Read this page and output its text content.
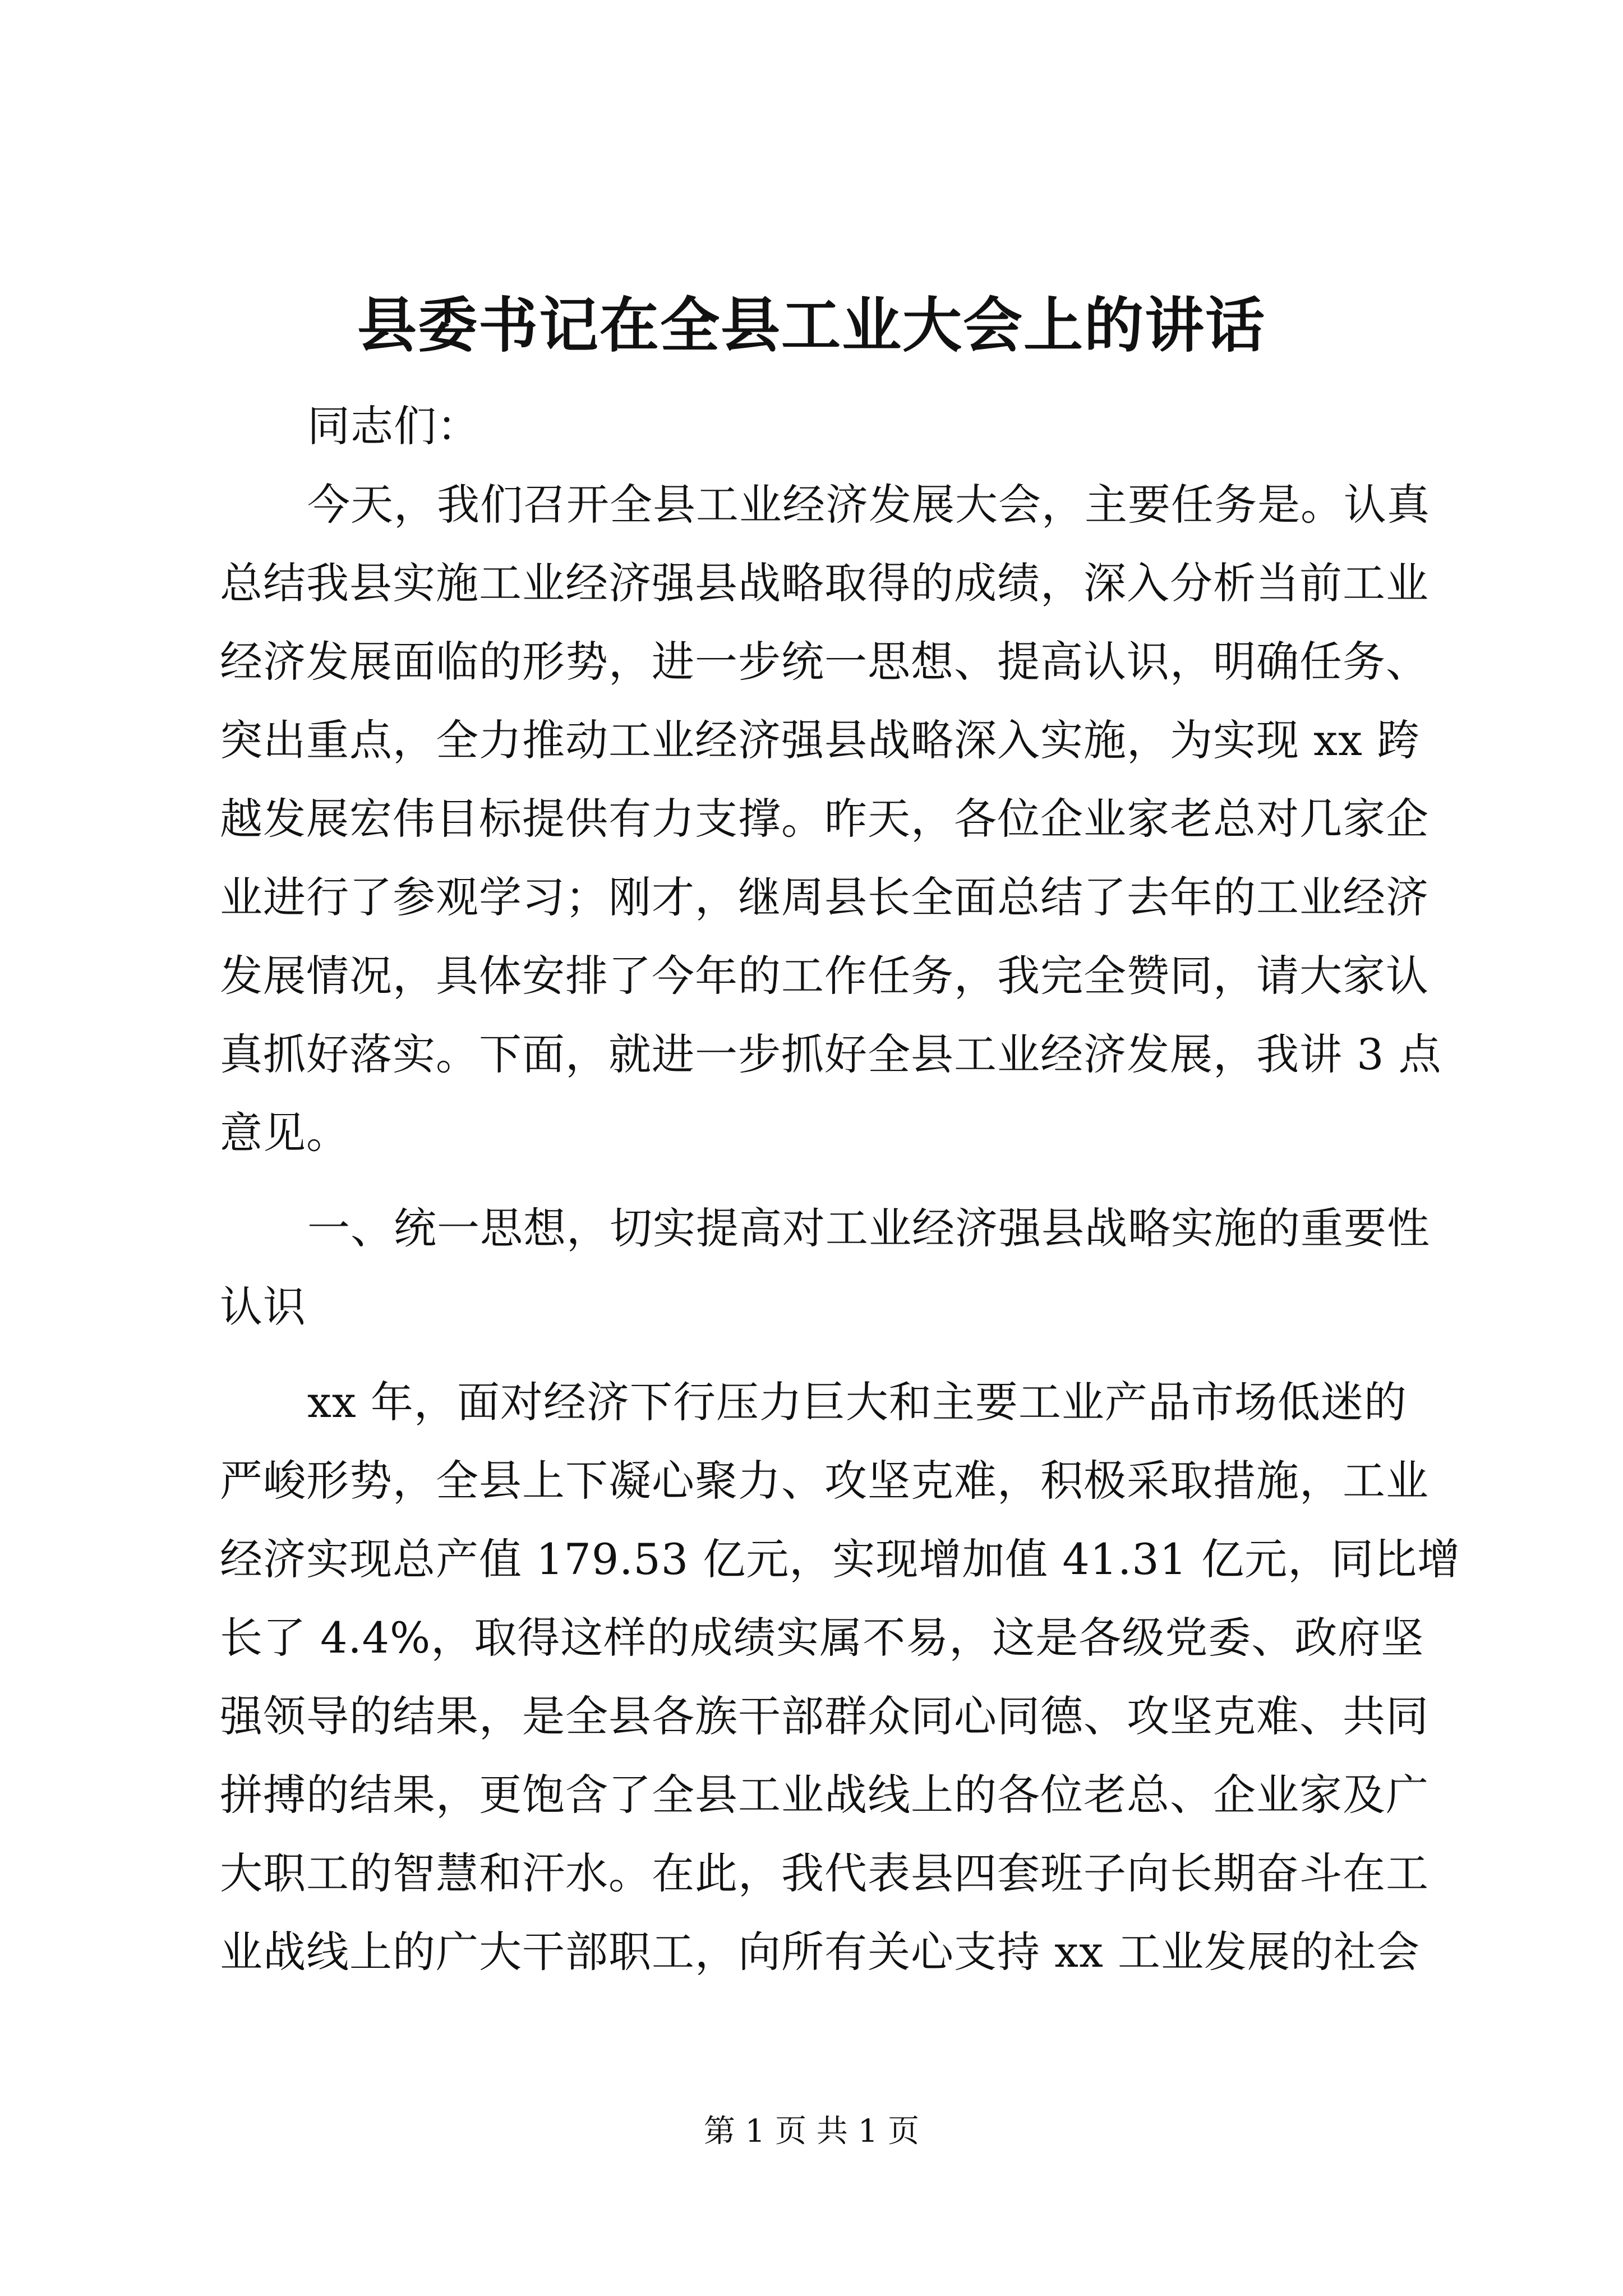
县委书记在全县工业大会上的讲话
同志们：
今天，我们召开全县工业经济发展大会，主要任务是。认真
总结我县实施工业经济强县战略取得的成绩，深入分析当前工业
经济发展面临的形势，进一步统一思想、提高认识，明确任务、
突出重点，全力推动工业经济强县战略深入实施，为实现 xx 跨
越发展宏伟目标提供有力支撑。昨天，各位企业家老总对几家企
业进行了参观学习；刚才，继周县长全面总结了去年的工业经济
发展情况，具体安排了今年的工作任务，我完全赞同，请大家认
真抓好落实。下面，就进一步抓好全县工业经济发展，我讲 3 点
意见。
一、统一思想，切实提高对工业经济强县战略实施的重要性
认识
xx 年，面对经济下行压力巨大和主要工业产品市场低迷的
严峻形势，全县上下凝心聚力、攻坚克难，积极采取措施，工业
经济实现总产值 179.53 亿元，实现增加值 41.31 亿元，同比增
长了 4.4%，取得这样的成绩实属不易，这是各级党委、政府坚
强领导的结果，是全县各族干部群众同心同德、攻坚克难、共同
拼搏的结果，更饱含了全县工业战线上的各位老总、企业家及广
大职工的智慧和汗水。在此，我代表县四套班子向长期奋斗在工
业战线上的广大干部职工，向所有关心支持 xx 工业发展的社会
第 1 页 共 1 页
